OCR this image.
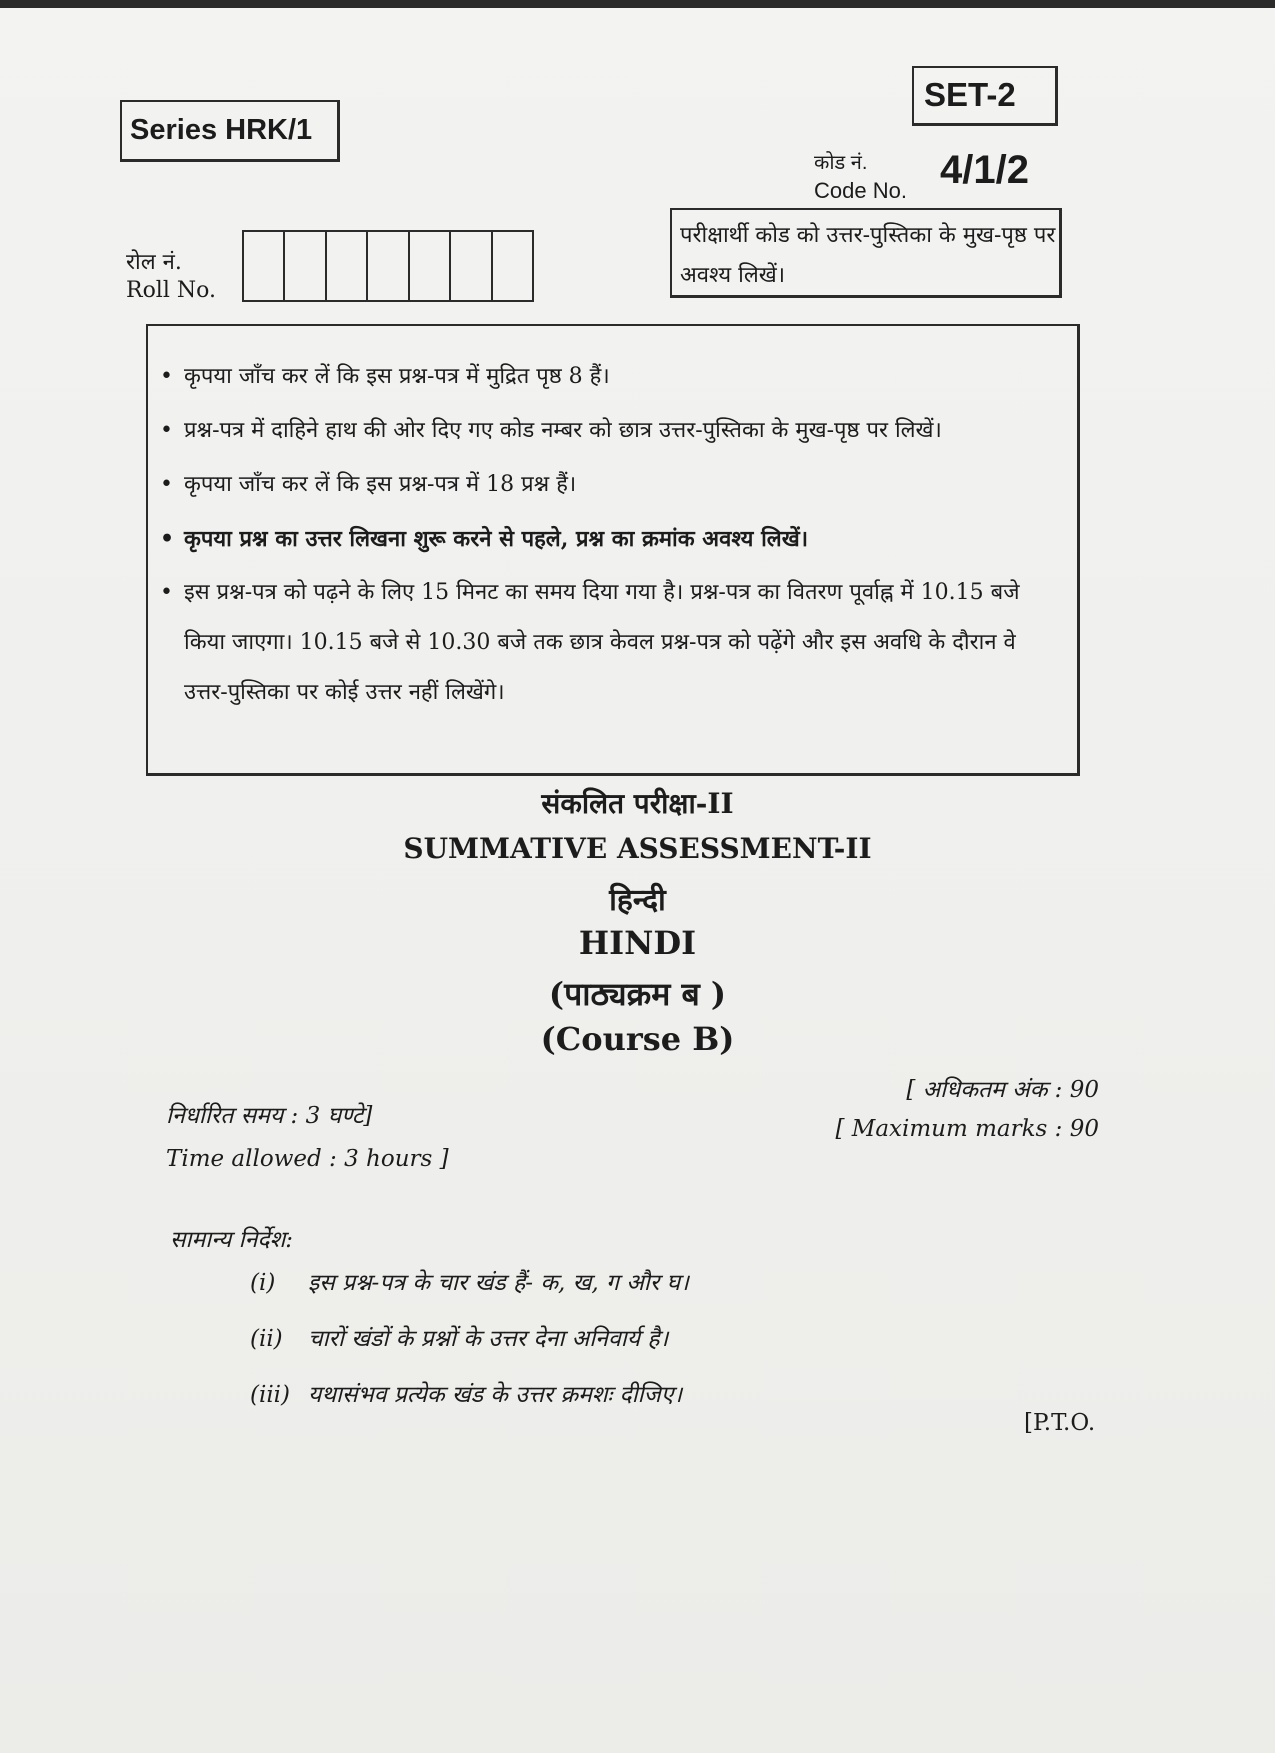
Series HRK/1
SET-2
कोड नं.
Code No. 4/1/2
रोल नं.
Roll No.
परीक्षार्थी कोड को उत्तर-पुस्तिका के मुख-पृष्ठ पर अवश्य लिखें।
• कृपया जाँच कर लें कि इस प्रश्न-पत्र में मुद्रित पृष्ठ 8 हैं।
• प्रश्न-पत्र में दाहिने हाथ की ओर दिए गए कोड नम्बर को छात्र उत्तर-पुस्तिका के मुख-पृष्ठ पर लिखें।
• कृपया जाँच कर लें कि इस प्रश्न-पत्र में 18 प्रश्न हैं।
• कृपया प्रश्न का उत्तर लिखना शुरू करने से पहले, प्रश्न का क्रमांक अवश्य लिखें।
• इस प्रश्न-पत्र को पढ़ने के लिए 15 मिनट का समय दिया गया है। प्रश्न-पत्र का वितरण पूर्वाह्न में 10.15 बजे किया जाएगा। 10.15 बजे से 10.30 बजे तक छात्र केवल प्रश्न-पत्र को पढ़ेंगे और इस अवधि के दौरान वे उत्तर-पुस्तिका पर कोई उत्तर नहीं लिखेंगे।
संकलित परीक्षा-II
SUMMATIVE ASSESSMENT-II
हिन्दी
HINDI
(पाठ्यक्रम ब )
(Course B)
निर्धारित समय : 3 घण्टे]
Time allowed : 3 hours ]
[ अधिकतम अंक : 90
[ Maximum marks : 90
सामान्य निर्देश:
(i) इस प्रश्न-पत्र के चार खंड हैं- क, ख, ग और घ।
(ii) चारों खंडों के प्रश्नों के उत्तर देना अनिवार्य है।
(iii) यथासंभव प्रत्येक खंड के उत्तर क्रमशः दीजिए।
[P.T.O.
